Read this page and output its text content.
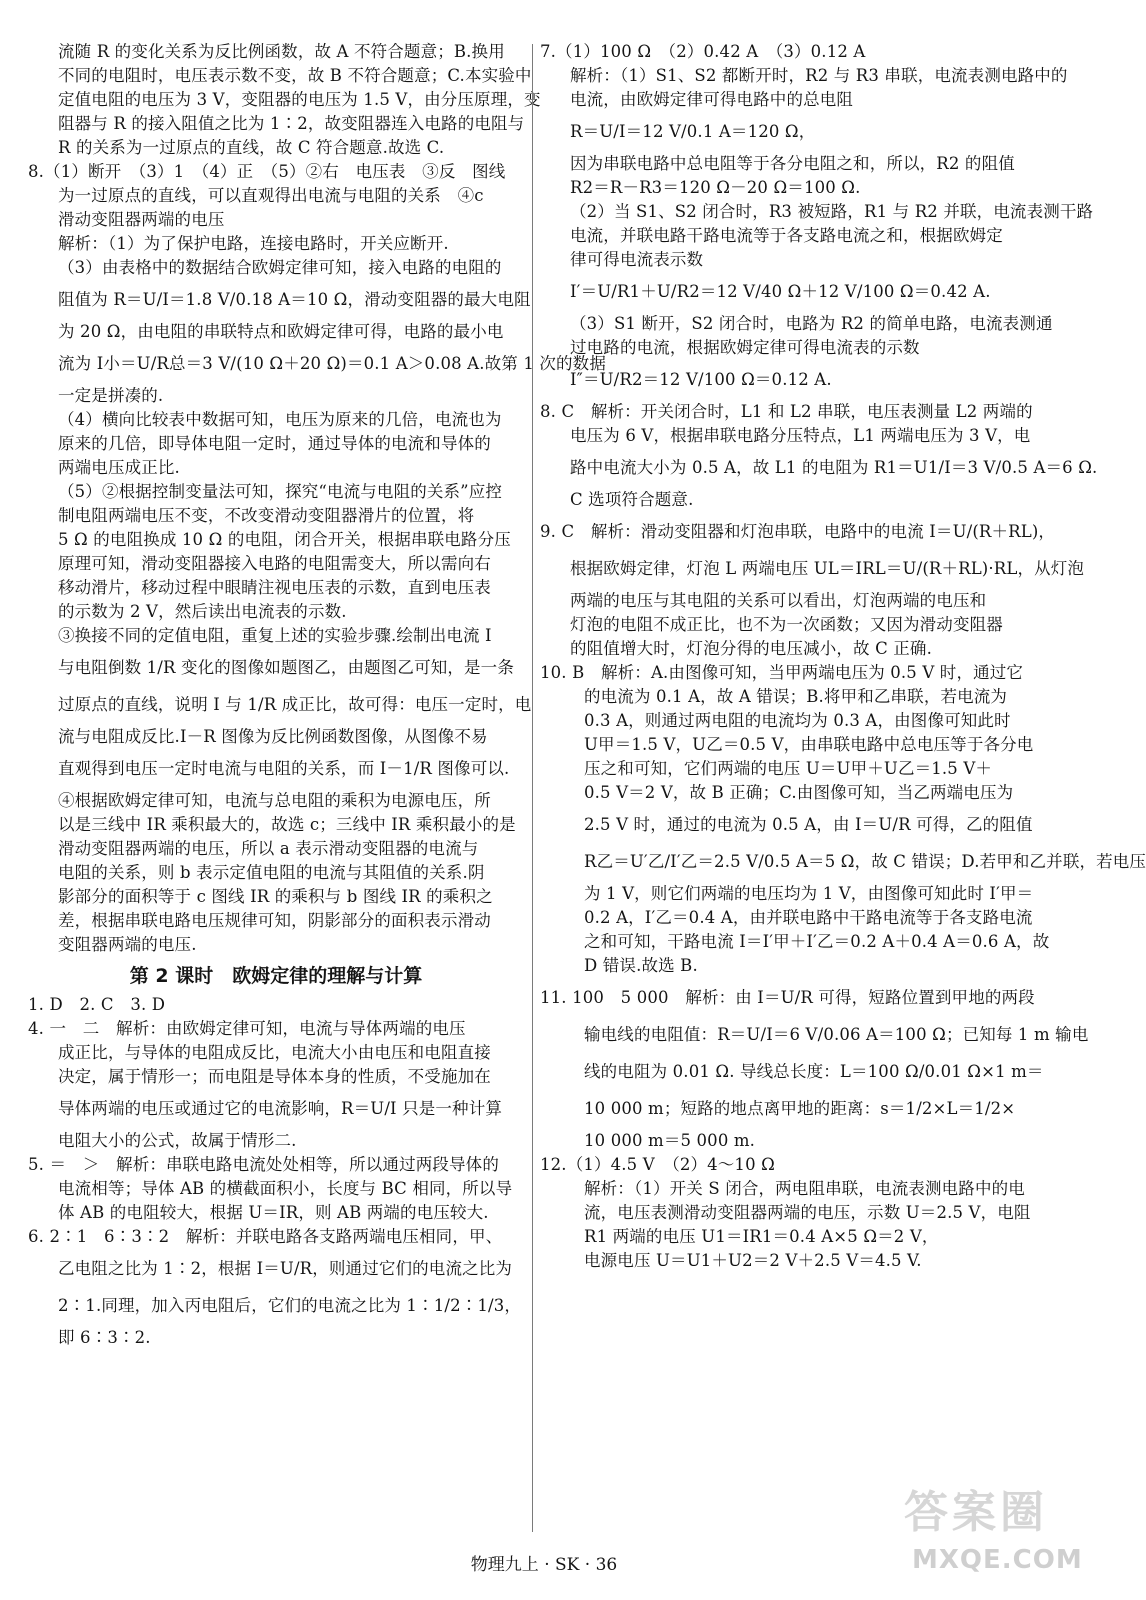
流随 R 的变化关系为反比例函数，故 A 不符合题意；B.换用
不同的电阻时，电压表示数不变，故 B 不符合题意；C.本实验中
定值电阻的电压为 3 V，变阻器的电压为 1.5 V，由分压原理，变
阻器与 R 的接入阻值之比为 1∶2，故变阻器连入电路的电阻与
R 的关系为一过原点的直线，故 C 符合题意.故选 C.
8.（1）断开　（3）1　（4）正　（5）②右　电压表　③反　图线
为一过原点的直线，可以直观得出电流与电阻的关系　④c
滑动变阻器两端的电压
解析：（1）为了保护电路，连接电路时，开关应断开.
（3）由表格中的数据结合欧姆定律可知，接入电路的电阻的
阻值为 R＝U/I＝1.8 V/0.18 A＝10 Ω，滑动变阻器的最大电阻
为 20 Ω，由电阻的串联特点和欧姆定律可得，电路的最小电
流为 I小＝U/R总＝3 V/(10 Ω＋20 Ω)＝0.1 A＞0.08 A.故第 1 次的数据
一定是拼凑的.
（4）横向比较表中数据可知，电压为原来的几倍，电流也为
原来的几倍，即导体电阻一定时，通过导体的电流和导体的
两端电压成正比.
（5）②根据控制变量法可知，探究“电流与电阻的关系”应控
制电阻两端电压不变，不改变滑动变阻器滑片的位置，将
5 Ω 的电阻换成 10 Ω 的电阻，闭合开关，根据串联电路分压
原理可知，滑动变阻器接入电路的电阻需变大，所以需向右
移动滑片，移动过程中眼睛注视电压表的示数，直到电压表
的示数为 2 V，然后读出电流表的示数.
③换接不同的定值电阻，重复上述的实验步骤.绘制出电流 I
与电阻倒数 1/R 变化的图像如题图乙，由题图乙可知，是一条
过原点的直线，说明 I 与 1/R 成正比，故可得：电压一定时，电
流与电阻成反比.I－R 图像为反比例函数图像，从图像不易
直观得到电压一定时电流与电阻的关系，而 I－1/R 图像可以.
④根据欧姆定律可知，电流与总电阻的乘积为电源电压，所
以是三线中 IR 乘积最大的，故选 c；三线中 IR 乘积最小的是
滑动变阻器两端的电压，所以 a 表示滑动变阻器的电流与
电阻的关系，则 b 表示定值电阻的电流与其阻值的关系.阴
影部分的面积等于 c 图线 IR 的乘积与 b 图线 IR 的乘积之
差，根据串联电路电压规律可知，阴影部分的面积表示滑动
变阻器两端的电压.
第 2 课时　欧姆定律的理解与计算
1. D　2. C　3. D
4. 一　二　解析：由欧姆定律可知，电流与导体两端的电压
成正比，与导体的电阻成反比，电流大小由电压和电阻直接
决定，属于情形一；而电阻是导体本身的性质，不受施加在
导体两端的电压或通过它的电流影响，R＝U/I 只是一种计算
电阻大小的公式，故属于情形二.
5. ＝　＞　解析：串联电路电流处处相等，所以通过两段导体的
电流相等；导体 AB 的横截面积小，长度与 BC 相同，所以导
体 AB 的电阻较大，根据 U＝IR，则 AB 两端的电压较大.
6. 2∶1　6∶3∶2　解析：并联电路各支路两端电压相同，甲、
乙电阻之比为 1∶2，根据 I＝U/R，则通过它们的电流之比为
2∶1.同理，加入丙电阻后，它们的电流之比为 1∶1/2∶1/3，
即 6∶3∶2.
7.（1）100 Ω　（2）0.42 A　（3）0.12 A
解析：（1）S1、S2 都断开时，R2 与 R3 串联，电流表测电路中的
电流，由欧姆定律可得电路中的总电阻
R＝U/I＝12 V/0.1 A＝120 Ω，
因为串联电路中总电阻等于各分电阻之和，所以，R2 的阻值
R2＝R－R3＝120 Ω－20 Ω＝100 Ω.
（2）当 S1、S2 闭合时，R3 被短路，R1 与 R2 并联，电流表测干路
电流，并联电路干路电流等于各支路电流之和，根据欧姆定
律可得电流表示数
I′＝U/R1＋U/R2＝12 V/40 Ω＋12 V/100 Ω＝0.42 A.
（3）S1 断开，S2 闭合时，电路为 R2 的简单电路，电流表测通
过电路的电流，根据欧姆定律可得电流表的示数
I″＝U/R2＝12 V/100 Ω＝0.12 A.
8. C　解析：开关闭合时，L1 和 L2 串联，电压表测量 L2 两端的
电压为 6 V，根据串联电路分压特点，L1 两端电压为 3 V，电
路中电流大小为 0.5 A，故 L1 的电阻为 R1＝U1/I＝3 V/0.5 A＝6 Ω.
C 选项符合题意.
9. C　解析：滑动变阻器和灯泡串联，电路中的电流 I＝U/(R＋RL)，
根据欧姆定律，灯泡 L 两端电压 UL＝IRL＝U/(R＋RL)·RL，从灯泡
两端的电压与其电阻的关系可以看出，灯泡两端的电压和
灯泡的电阻不成正比，也不为一次函数；又因为滑动变阻器
的阻值增大时，灯泡分得的电压减小，故 C 正确.
10. B　解析：A.由图像可知，当甲两端电压为 0.5 V 时，通过它
的电流为 0.1 A，故 A 错误；B.将甲和乙串联，若电流为
0.3 A，则通过两电阻的电流均为 0.3 A，由图像可知此时
U甲＝1.5 V，U乙＝0.5 V，由串联电路中总电压等于各分电
压之和可知，它们两端的电压 U＝U甲＋U乙＝1.5 V＋
0.5 V＝2 V，故 B 正确；C.由图像可知，当乙两端电压为
2.5 V 时，通过的电流为 0.5 A，由 I＝U/R 可得，乙的阻值
R乙＝U′乙/I′乙＝2.5 V/0.5 A＝5 Ω，故 C 错误；D.若甲和乙并联，若电压
为 1 V，则它们两端的电压均为 1 V，由图像可知此时 I′甲＝
0.2 A，I′乙＝0.4 A，由并联电路中干路电流等于各支路电流
之和可知，干路电流 I＝I′甲＋I′乙＝0.2 A＋0.4 A＝0.6 A，故
D 错误.故选 B.
11. 100　5 000　解析：由 I＝U/R 可得，短路位置到甲地的两段
输电线的电阻值：R＝U/I＝6 V/0.06 A＝100 Ω；已知每 1 m 输电
线的电阻为 0.01 Ω. 导线总长度：L＝100 Ω/0.01 Ω×1 m＝
10 000 m；短路的地点离甲地的距离：s＝1/2×L＝1/2×
10 000 m＝5 000 m.
12.（1）4.5 V　（2）4～10 Ω
解析：（1）开关 S 闭合，两电阻串联，电流表测电路中的电
流，电压表测滑动变阻器两端的电压，示数 U＝2.5 V，电阻
R1 两端的电压 U1＝IR1＝0.4 A×5 Ω＝2 V，
电源电压 U＝U1＋U2＝2 V＋2.5 V＝4.5 V.
物理九上 · SK · 36
答案圈
MXQE.COM
